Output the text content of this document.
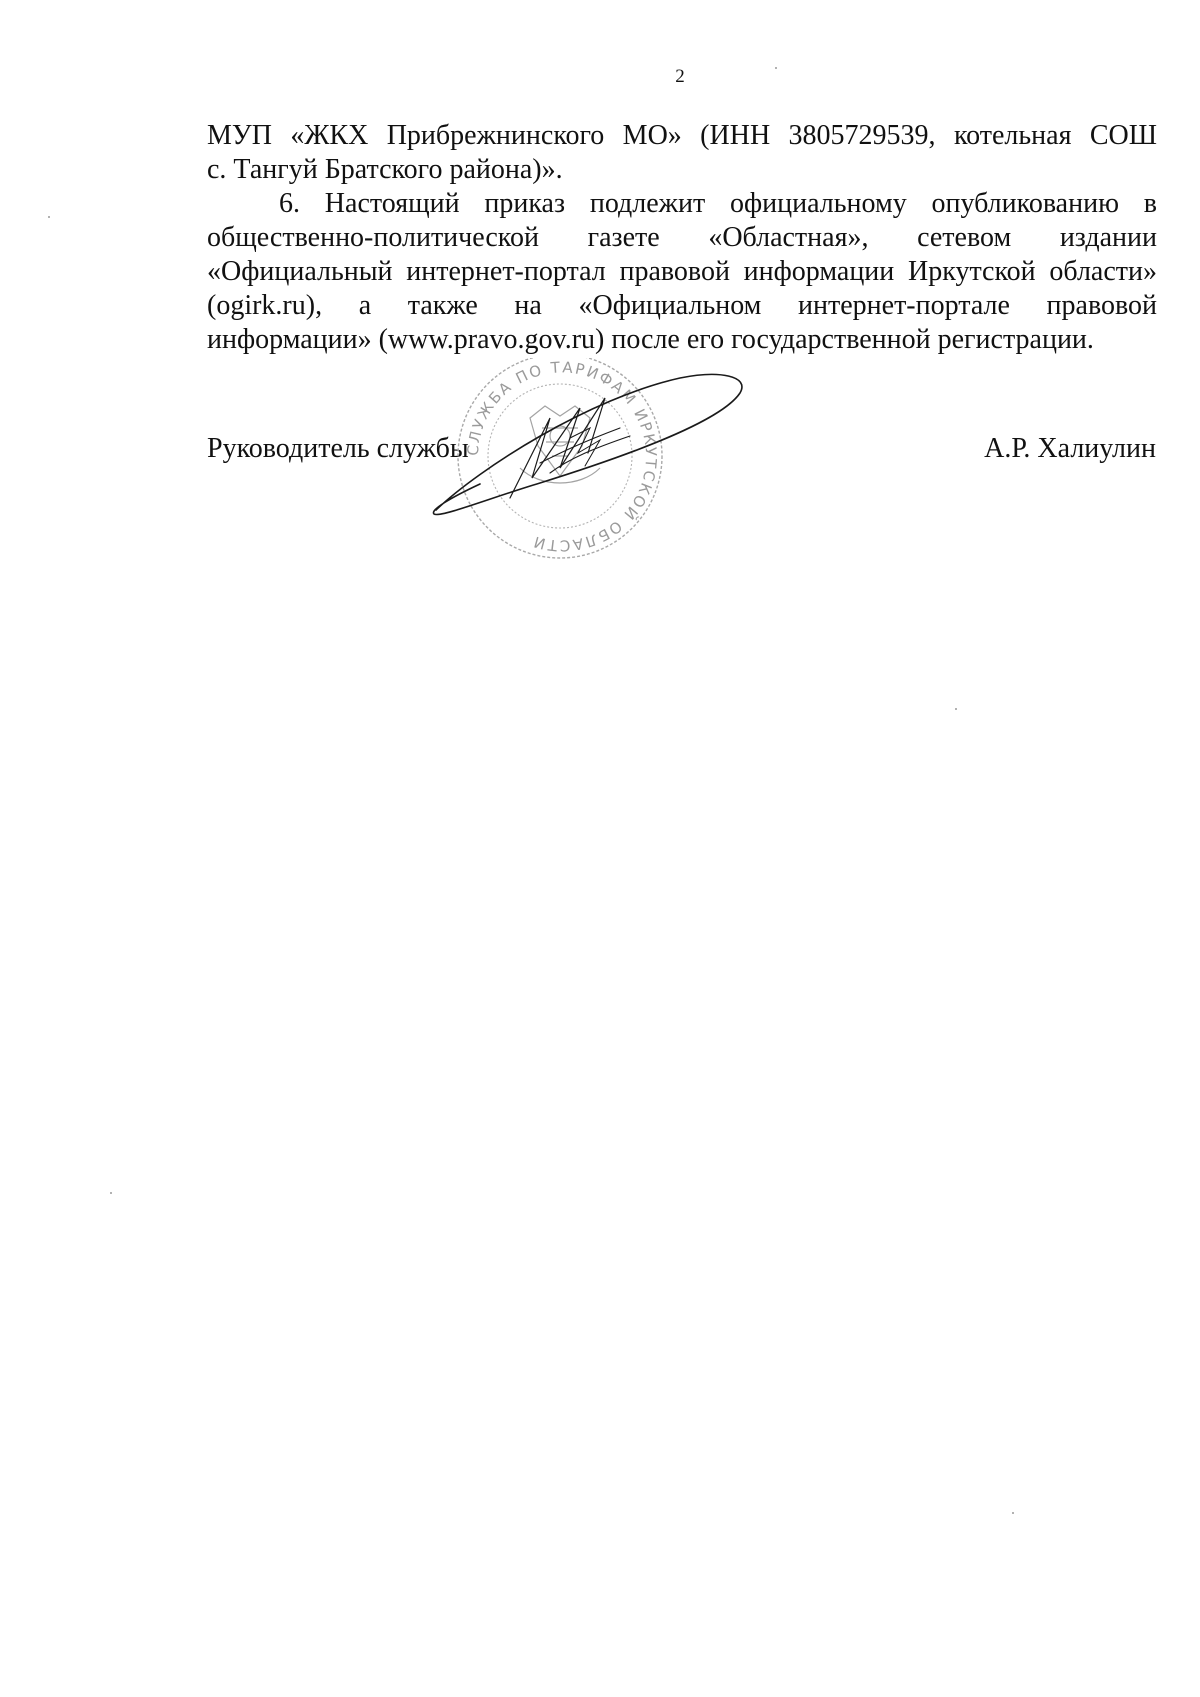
2

МУП «ЖКХ Прибрежнинского МО» (ИНН 3805729539, котельная СОШ
с. Тангуй Братского района)».

6. Настоящий приказ подлежит официальному опубликованию в
общественно-политической газете «Областная», сетевом издании
«Официальный интернет-портал правовой информации Иркутской области»
(ogirk.ru), а также на «Официальном интернет-портале правовой
информации» (www.pravo.gov.ru) после его государственной регистрации.

Руководитель службы	А.Р. Халиулин
СЛУЖБА ПО ТАРИФАМ ИРКУТСКОЙ ОБЛАСТИ
